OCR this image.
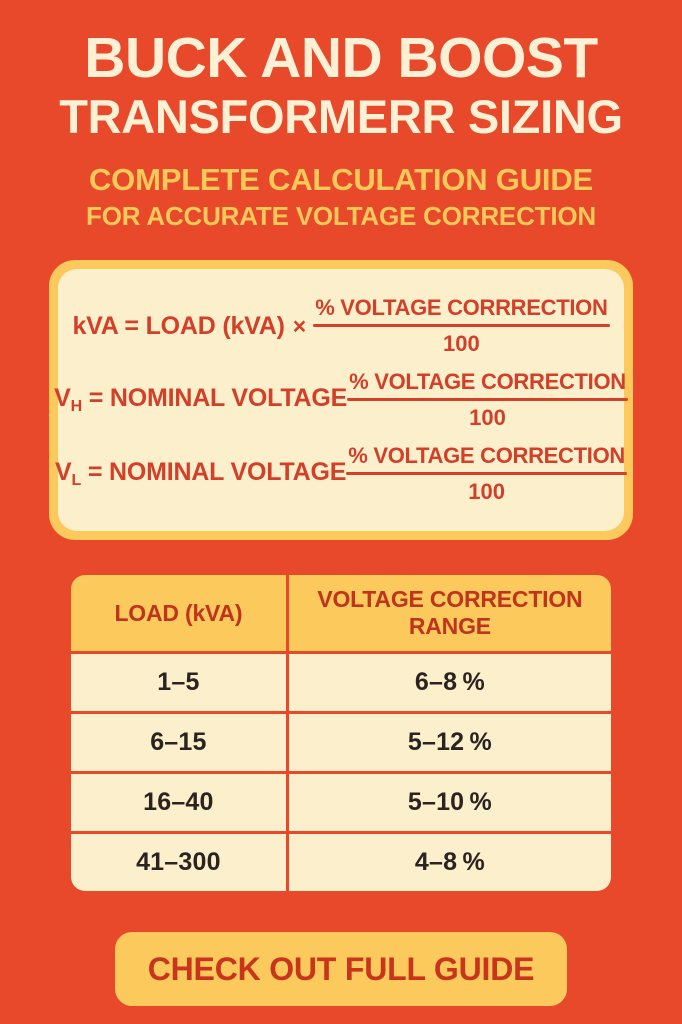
BUCK AND BOOST
TRANSFORMERR SIZING
COMPLETE CALCULATION GUIDE
FOR ACCURATE VOLTAGE CORRECTION
kVA = LOAD $(kVA) \times \frac{\text{\% VOLTAGE CORRRECTION}}{100}$
$V_H$ = NOMINAL VOLTAGE $\frac{\text{\% VOLTAGE CORRECTION}}{100}$
$V_L$ = NOMINAL VOLTAGE $\frac{\text{\% VOLTAGE CORRECTION}}{100}$
LOAD (kVA)	VOLTAGE CORRECTION
RANGE
1–5	6–8 %
6–15	5–12 %
16–40	5–10 %
41–300	4–8 %
CHECK OUT FULL GUIDE
